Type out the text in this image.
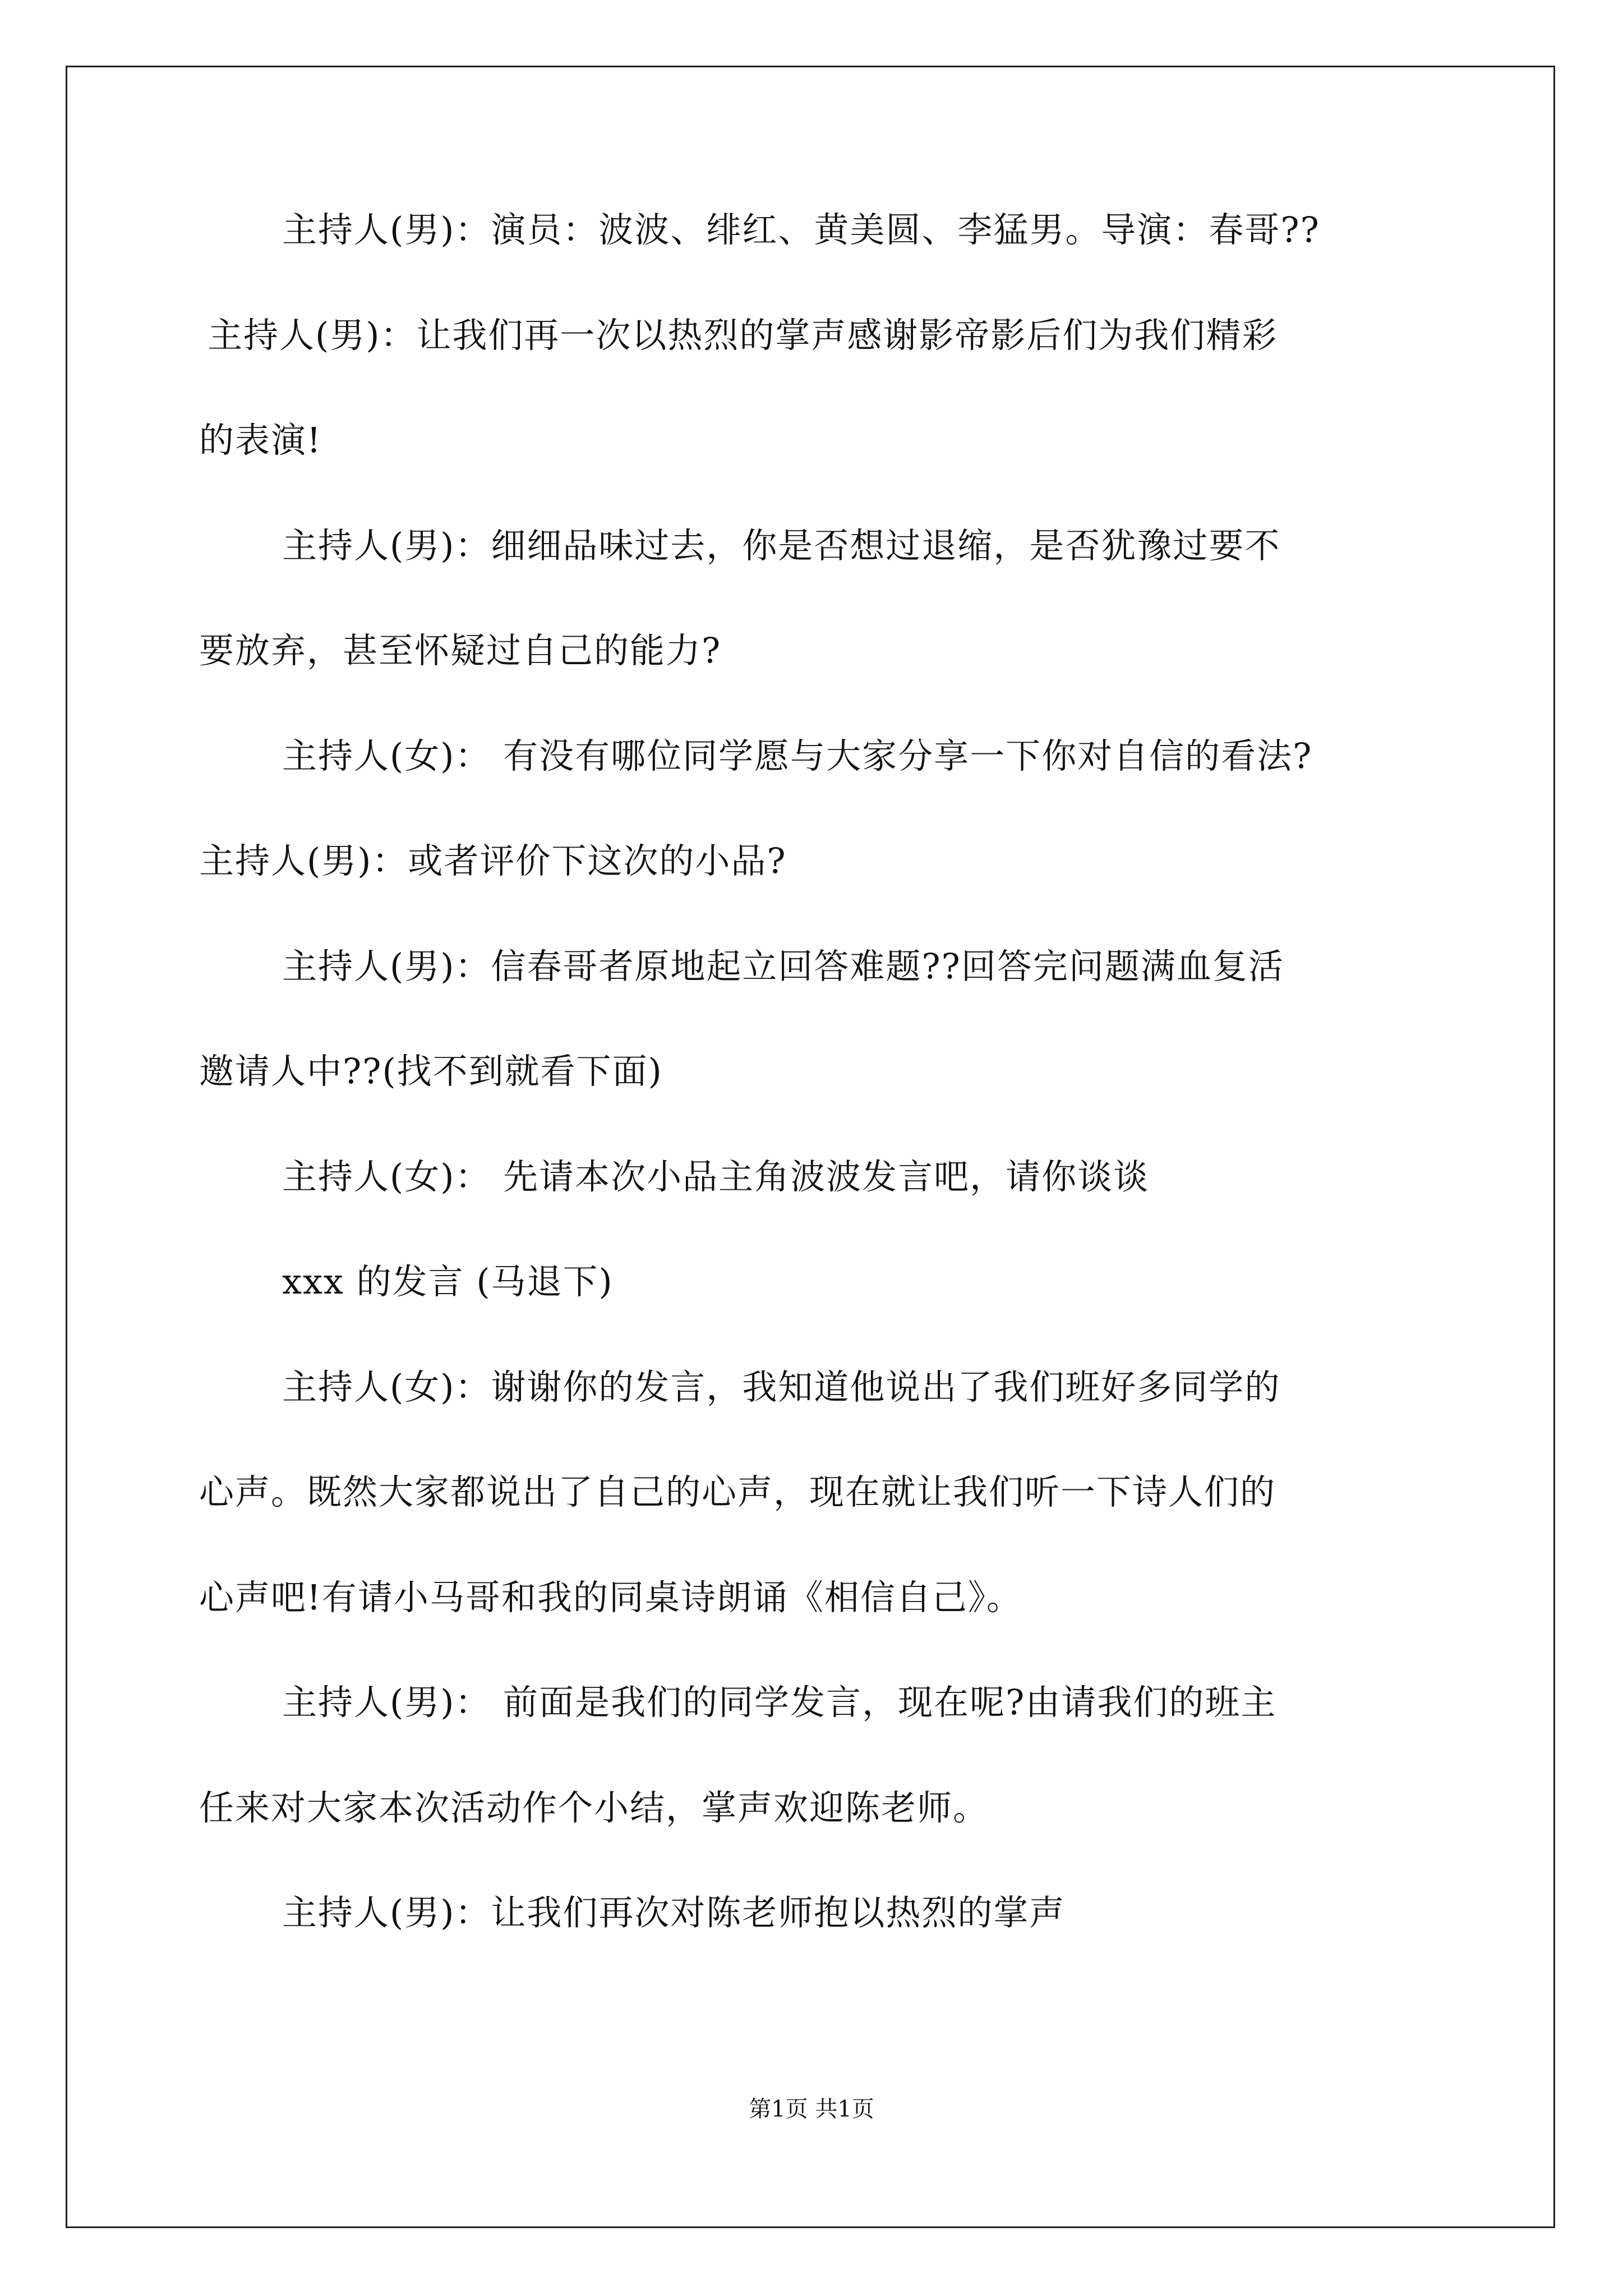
主持人(男)：演员：波波、绯红、黄美圆、李猛男。导演：春哥??
主持人(男)：让我们再一次以热烈的掌声感谢影帝影后们为我们精彩
的表演!
主持人(男)：细细品味过去，你是否想过退缩，是否犹豫过要不
要放弃，甚至怀疑过自己的能力?
主持人(女)： 有没有哪位同学愿与大家分享一下你对自信的看法?
主持人(男)：或者评价下这次的小品?
主持人(男)：信春哥者原地起立回答难题??回答完问题满血复活
邀请人中??(找不到就看下面)
主持人(女)： 先请本次小品主角波波发言吧，请你谈谈
xxx 的发言 (马退下)
主持人(女)：谢谢你的发言，我知道他说出了我们班好多同学的
心声。既然大家都说出了自己的心声，现在就让我们听一下诗人们的
心声吧!有请小马哥和我的同桌诗朗诵《相信自己》。
主持人(男)： 前面是我们的同学发言，现在呢?由请我们的班主
任来对大家本次活动作个小结，掌声欢迎陈老师。
主持人(男)：让我们再次对陈老师抱以热烈的掌声
第1页 共1页
